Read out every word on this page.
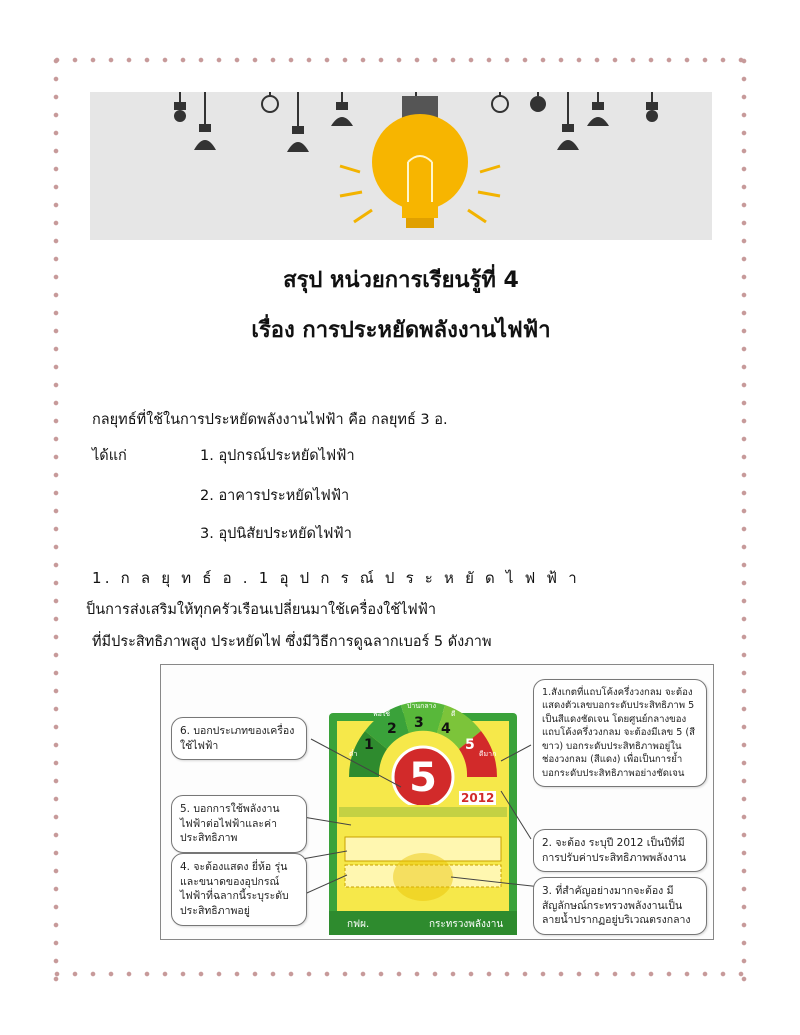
สรุป หน่วยการเรียนรู้ที่ 4
เรื่อง การประหยัดพลังงานไฟฟ้า
กลยุทธ์ที่ใช้ในการประหยัดพลังงานไฟฟ้า คือ กลยุทธ์ 3 อ.
ได้แก่	1. อุปกรณ์ประหยัดไฟฟ้า
2. อาคารประหยัดไฟฟ้า
3. อุปนิสัยประหยัดไฟฟ้า
1. ก ล ยุ ท ธ์ อ . 1 อุ ป ก ร ณ์ ป ร ะ ห ยั ด ไ ฟ ฟ้ า
ป็นการส่งเสริมให้ทุกครัวเรือนเปลี่ยนมาใช้เครื่องใช้ไฟฟ้า
ที่มีประสิทธิภาพสูง ประหยัดไฟ ซึ่งมีวิธีการดูฉลากเบอร์ 5 ดังภาพ
5
1
2 3 4
5
ต่ำ
พอใช้
ปานกลาง
ดี
ดีมาก
2012
กฟผ.	กระทรวงพลังงาน
6. บอกประเภทของเครื่องใช้ไฟฟ้า
5. บอกการใช้พลังงานไฟฟ้าต่อไฟฟ้าและค่าประสิทธิภาพ
4. จะต้องแสดง ยี่ห้อ รุ่น และขนาดของอุปกรณ์ไฟฟ้าที่ฉลากนี้ระบุระดับประสิทธิภาพอยู่
1.สังเกตที่แถบโค้งครึ่งวงกลม จะต้อง แสดงตัวเลขบอกระดับประสิทธิภาพ 5 เป็นสีแดงชัดเจน โดยศูนย์กลางของแถบโค้งครึ่งวงกลม จะต้องมีเลข 5 (สีขาว) บอกระดับประสิทธิภาพอยู่ในช่องวงกลม (สีแดง) เพื่อเป็นการย้ำบอกระดับประสิทธิภาพอย่างชัดเจน
2. จะต้อง ระบุปี 2012 เป็นปีที่มีการปรับค่าประสิทธิภาพพลังงาน
3. ที่สำคัญอย่างมากจะต้อง มีสัญลักษณ์กระทรวงพลังงานเป็นลายน้ำปรากฏอยู่บริเวณตรงกลาง
